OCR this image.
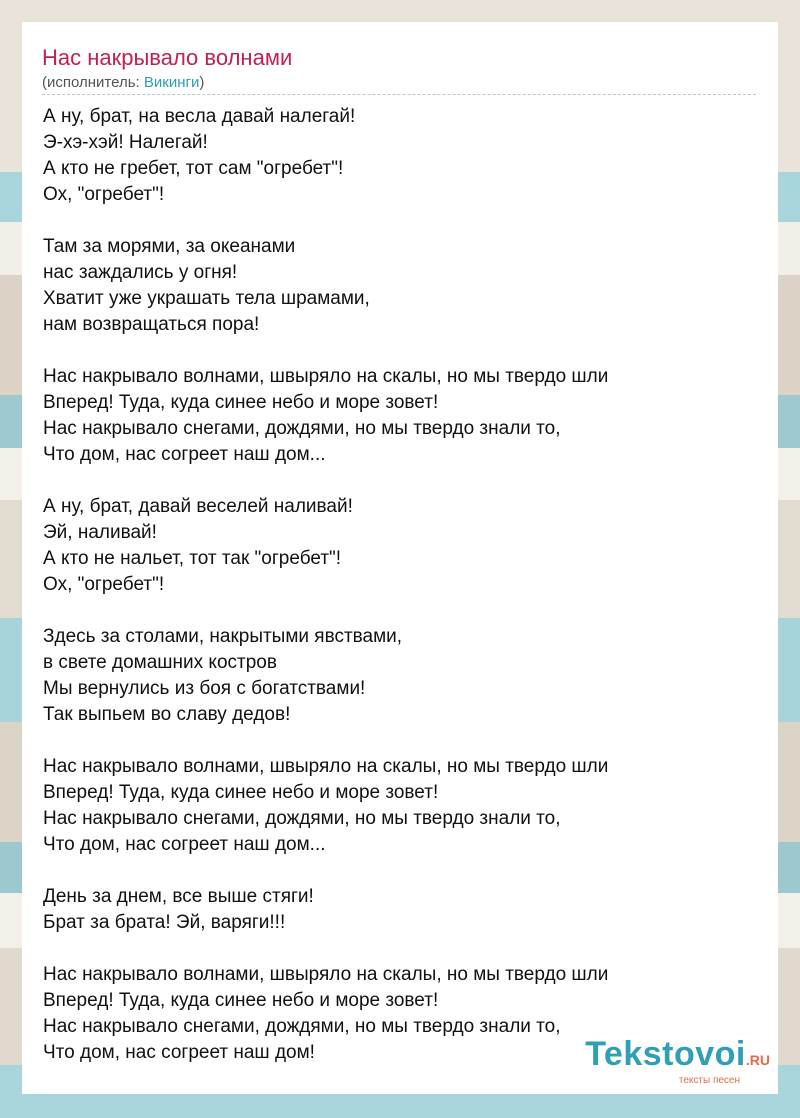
Нас накрывало волнами
(исполнитель: Викинги)
А ну, брат, на весла давай налегай!
Э-хэ-хэй! Налегай!
А кто не гребет, тот сам "огребет"!
Ох, "огребет"!
Там за морями, за океанами
нас заждались у огня!
Хватит уже украшать тела шрамами,
нам возвращаться пора!
Нас накрывало волнами, швыряло на скалы, но мы твердо шли
Вперед! Туда, куда синее небо и море зовет!
Нас накрывало снегами, дождями, но мы твердо знали то,
Что дом, нас согреет наш дом...
А ну, брат, давай веселей наливай!
Эй, наливай!
А кто не нальет, тот так "огребет"!
Ох, "огребет"!
Здесь за столами, накрытыми явствами,
в свете домашних костров
Мы вернулись из боя с богатствами!
Так выпьем во славу дедов!
Нас накрывало волнами, швыряло на скалы, но мы твердо шли
Вперед! Туда, куда синее небо и море зовет!
Нас накрывало снегами, дождями, но мы твердо знали то,
Что дом, нас согреет наш дом...
День за днем, все выше стяги!
Брат за брата! Эй, варяги!!!
Нас накрывало волнами, швыряло на скалы, но мы твердо шли
Вперед! Туда, куда синее небо и море зовет!
Нас накрывало снегами, дождями, но мы твердо знали то,
Что дом, нас согреет наш дом!	Tekstovoi.RU
тексты песен
